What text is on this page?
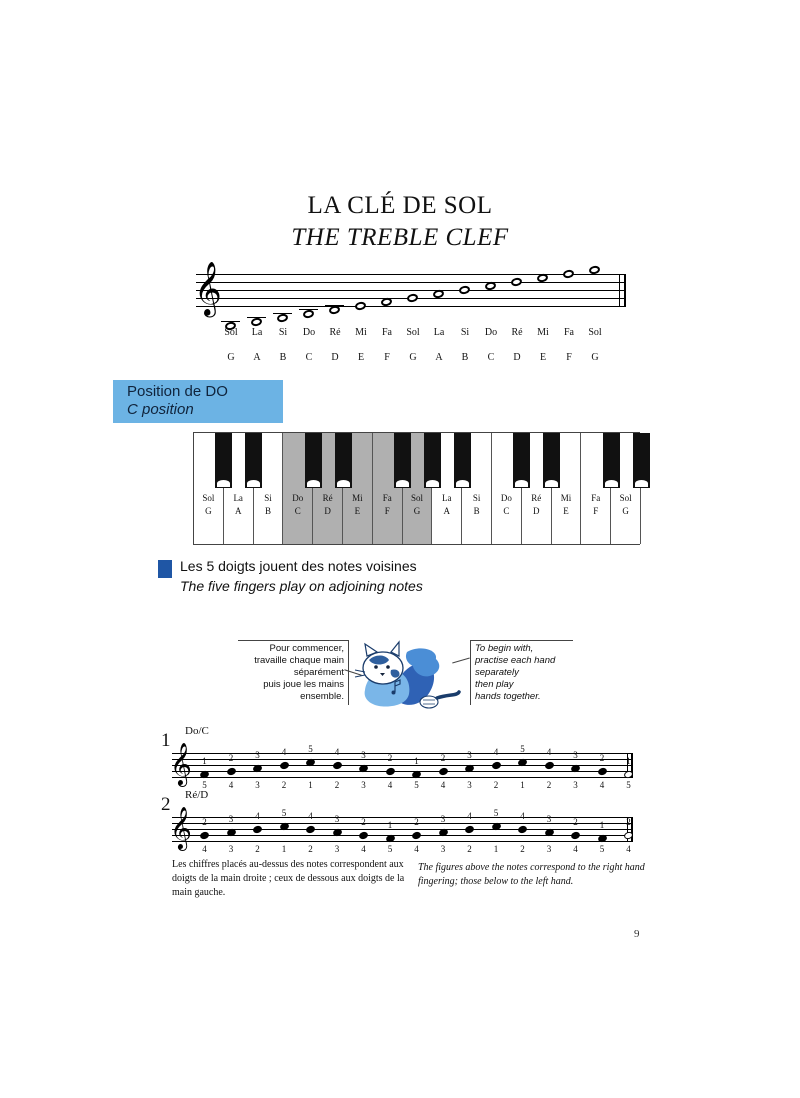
LA CLÉ DE SOL
THE TREBLE CLEF
𝄞
Sol
G
La
A
Si
B
Do
C
Ré
D
Mi
E
Fa
F
Sol
G
La
A
Si
B
Do
C
Ré
D
Mi
E
Fa
F
Sol
G
Position de DO
C position
Sol
G
La
A
Si
B
Do
C
Ré
D
Mi
E
Fa
F
Sol
G
La
A
Si
B
Do
C
Ré
D
Mi
E
Fa
F
Sol
G
Les 5 doigts jouent des notes voisines
The five fingers play on adjoining notes
Pour commencer,
travaille chaque main
séparément
puis joue les mains
ensemble.
To begin with,
practise each hand
separately
then play
hands together.
1 Do/C
𝄞	1
5
2
4
3
3
4
2
5
1
4
2
3
3
2
4
1
5
2
4
3
3
4
2
5
1
4
2
3
3
2
4
1
5
2 Ré/D
𝄞	2
4
3
3
4
2
5
1
4
2
3
3
2
4
1
5
2
4
3
3
4
2
5
1
4
2
3
3
2
4
1
5
2
4
Les chiffres placés au-dessus des notes correspondent aux doigts de la main droite ; ceux de dessous aux doigts de la main gauche.
The figures above the notes correspond to the right hand fingering; those below to the left hand.
9
